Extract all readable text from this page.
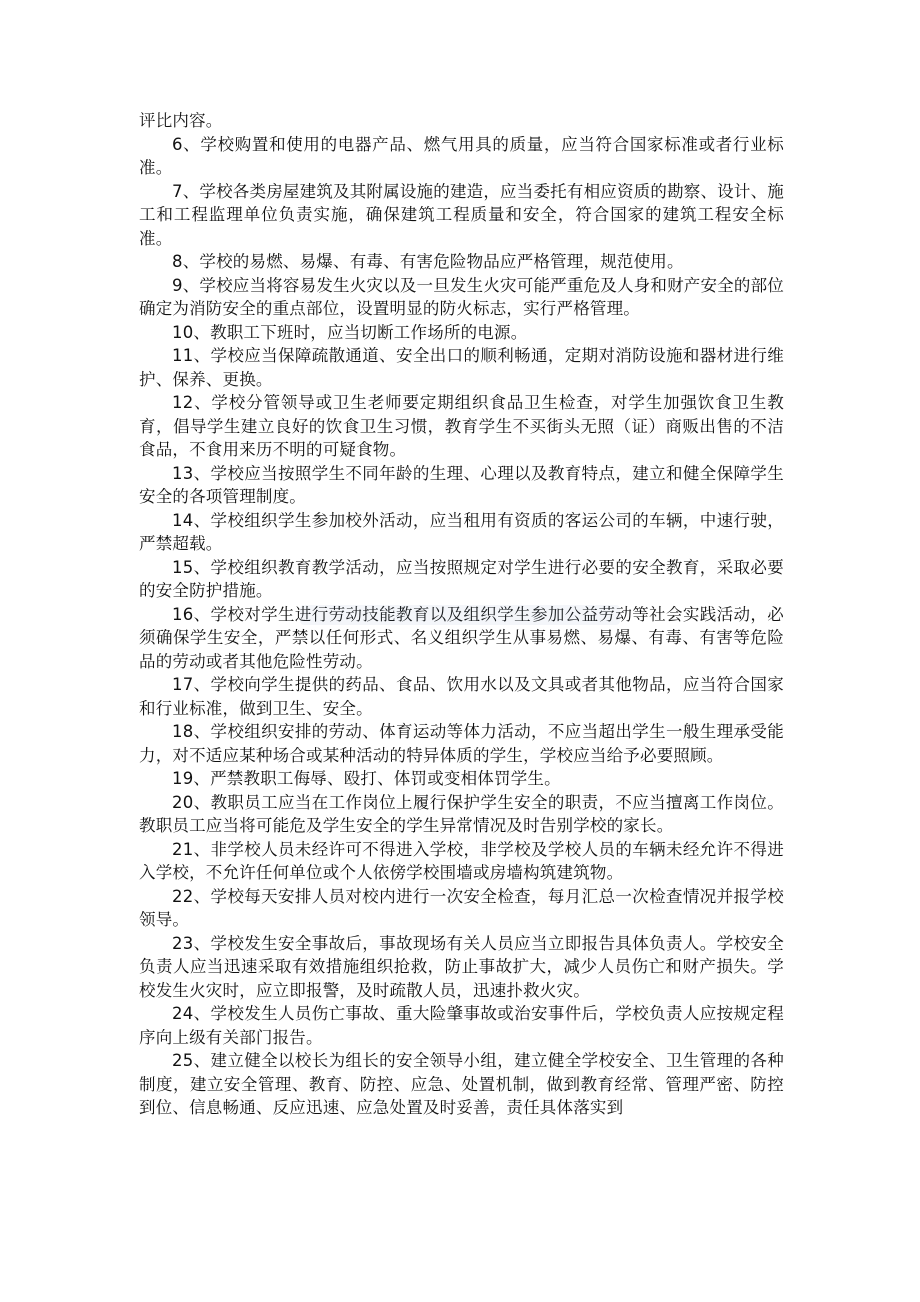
评比内容。

6、学校购置和使用的电器产品、燃气用具的质量，应当符合国家标准或者行业标准。

7、学校各类房屋建筑及其附属设施的建造，应当委托有相应资质的勘察、设计、施工和工程监理单位负责实施，确保建筑工程质量和安全，符合国家的建筑工程安全标准。

8、学校的易燃、易爆、有毒、有害危险物品应严格管理，规范使用。

9、学校应当将容易发生火灾以及一旦发生火灾可能严重危及人身和财产安全的部位确定为消防安全的重点部位，设置明显的防火标志，实行严格管理。

10、教职工下班时，应当切断工作场所的电源。

11、学校应当保障疏散通道、安全出口的顺利畅通，定期对消防设施和器材进行维护、保养、更换。

12、学校分管领导或卫生老师要定期组织食品卫生检查，对学生加强饮食卫生教育，倡导学生建立良好的饮食卫生习惯，教育学生不买街头无照（证）商贩出售的不洁食品，不食用来历不明的可疑食物。

13、学校应当按照学生不同年龄的生理、心理以及教育特点，建立和健全保障学生安全的各项管理制度。

14、学校组织学生参加校外活动，应当租用有资质的客运公司的车辆，中速行驶，严禁超载。

15、学校组织教育教学活动，应当按照规定对学生进行必要的安全教育，采取必要的安全防护措施。

16、学校对学生进行劳动技能教育以及组织学生参加公益劳动等社会实践活动，必须确保学生安全，严禁以任何形式、名义组织学生从事易燃、易爆、有毒、有害等危险品的劳动或者其他危险性劳动。

17、学校向学生提供的药品、食品、饮用水以及文具或者其他物品，应当符合国家和行业标准，做到卫生、安全。

18、学校组织安排的劳动、体育运动等体力活动，不应当超出学生一般生理承受能力，对不适应某种场合或某种活动的特异体质的学生，学校应当给予必要照顾。

19、严禁教职工侮辱、殴打、体罚或变相体罚学生。

20、教职员工应当在工作岗位上履行保护学生安全的职责，不应当擅离工作岗位。教职员工应当将可能危及学生安全的学生异常情况及时告别学校的家长。

21、非学校人员未经许可不得进入学校，非学校及学校人员的车辆未经允许不得进入学校，不允许任何单位或个人依傍学校围墙或房墙构筑建筑物。

22、学校每天安排人员对校内进行一次安全检查，每月汇总一次检查情况并报学校领导。

23、学校发生安全事故后，事故现场有关人员应当立即报告具体负责人。学校安全负责人应当迅速采取有效措施组织抢救，防止事故扩大，减少人员伤亡和财产损失。学校发生火灾时，应立即报警，及时疏散人员，迅速扑救火灾。

24、学校发生人员伤亡事故、重大险肇事故或治安事件后，学校负责人应按规定程序向上级有关部门报告。

25、建立健全以校长为组长的安全领导小组，建立健全学校安全、卫生管理的各种制度，建立安全管理、教育、防控、应急、处置机制，做到教育经常、管理严密、防控到位、信息畅通、反应迅速、应急处置及时妥善，责任具体落实到
